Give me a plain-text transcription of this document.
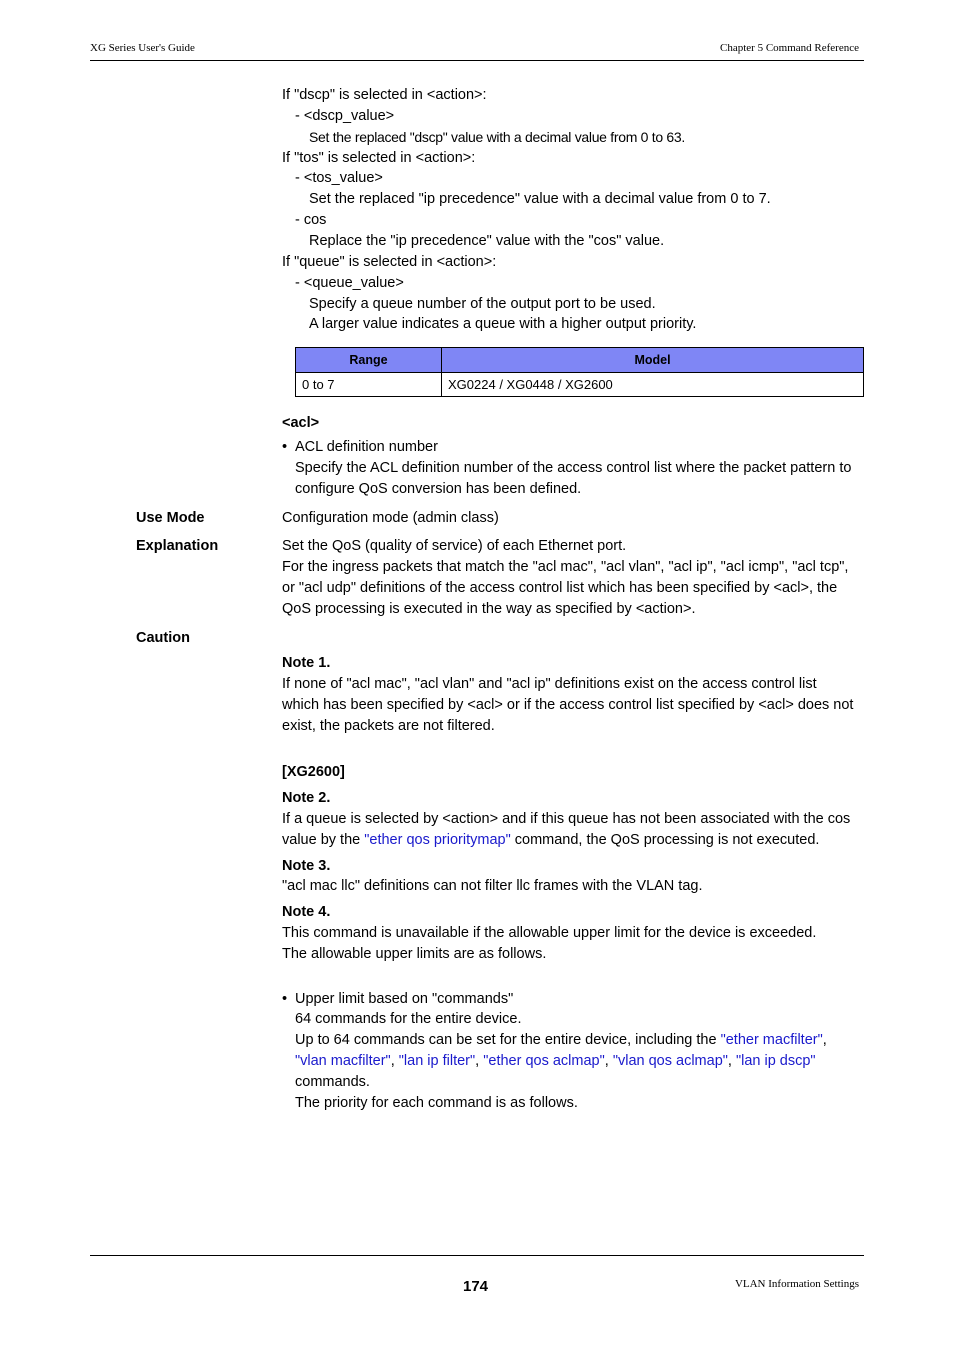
XG Series User's Guide	Chapter 5 Command Reference
If "dscp" is selected in <action>:
- <dscp_value>
Set the replaced "dscp" value with a decimal value from 0 to 63.
If "tos" is selected in <action>:
- <tos_value>
Set the replaced "ip precedence" value with a decimal value from 0 to 7.
- cos
Replace the "ip precedence" value with the "cos" value.
If "queue" is selected in <action>:
- <queue_value>
Specify a queue number of the output port to be used.
A larger value indicates a queue with a higher output priority.
Range	Model
0 to 7	XG0224 / XG0448 / XG2600
<acl>
• ACL definition number
Specify the ACL definition number of the access control list where the packet pattern to
configure QoS conversion has been defined.
Use Mode	Configuration mode (admin class)
Explanation	Set the QoS (quality of service) of each Ethernet port.
For the ingress packets that match the "acl mac", "acl vlan", "acl ip", "acl icmp", "acl tcp",
or "acl udp" definitions of the access control list which has been specified by <acl>, the
QoS processing is executed in the way as specified by <action>.
Caution
Note 1.
If none of "acl mac", "acl vlan" and "acl ip" definitions exist on the access control list
which has been specified by <acl> or if the access control list specified by <acl> does not
exist, the packets are not filtered.
[XG2600]
Note 2.
If a queue is selected by <action> and if this queue has not been associated with the cos
value by the "ether qos prioritymap" command, the QoS processing is not executed.
Note 3.
"acl mac llc" definitions can not filter llc frames with the VLAN tag.
Note 4.
This command is unavailable if the allowable upper limit for the device is exceeded.
The allowable upper limits are as follows.
• Upper limit based on "commands"
64 commands for the entire device.
Up to 64 commands can be set for the entire device, including the "ether macfilter",
"vlan macfilter", "lan ip filter", "ether qos aclmap", "vlan qos aclmap", "lan ip dscp"
commands.
The priority for each command is as follows.
174	VLAN Information Settings
